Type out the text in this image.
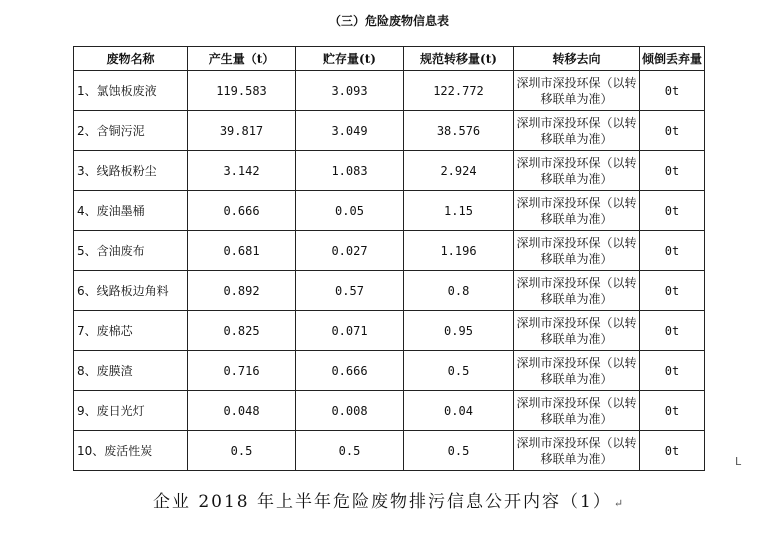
（三）危险废物信息表
废物名称	产生量（t）	贮存量(t)	规范转移量(t)	转移去向	倾倒丢弃量
1、氯蚀板废液	119.583	3.093	122.772	深圳市深投环保（以转移联单为准）	0t
2、含铜污泥	39.817	3.049	38.576	深圳市深投环保（以转移联单为准）	0t
3、线路板粉尘	3.142	1.083	2.924	深圳市深投环保（以转移联单为准）	0t
4、废油墨桶	0.666	0.05	1.15	深圳市深投环保（以转移联单为准）	0t
5、含油废布	0.681	0.027	1.196	深圳市深投环保（以转移联单为准）	0t
6、线路板边角料	0.892	0.57	0.8	深圳市深投环保（以转移联单为准）	0t
7、废棉芯	0.825	0.071	0.95	深圳市深投环保（以转移联单为准）	0t
8、废膜渣	0.716	0.666	0.5	深圳市深投环保（以转移联单为准）	0t
9、废日光灯	0.048	0.008	0.04	深圳市深投环保（以转移联单为准）	0t
10、废活性炭	0.5	0.5	0.5	深圳市深投环保（以转移联单为准）	0t
L
企业 2018 年上半年危险废物排污信息公开内容（1） ↵
